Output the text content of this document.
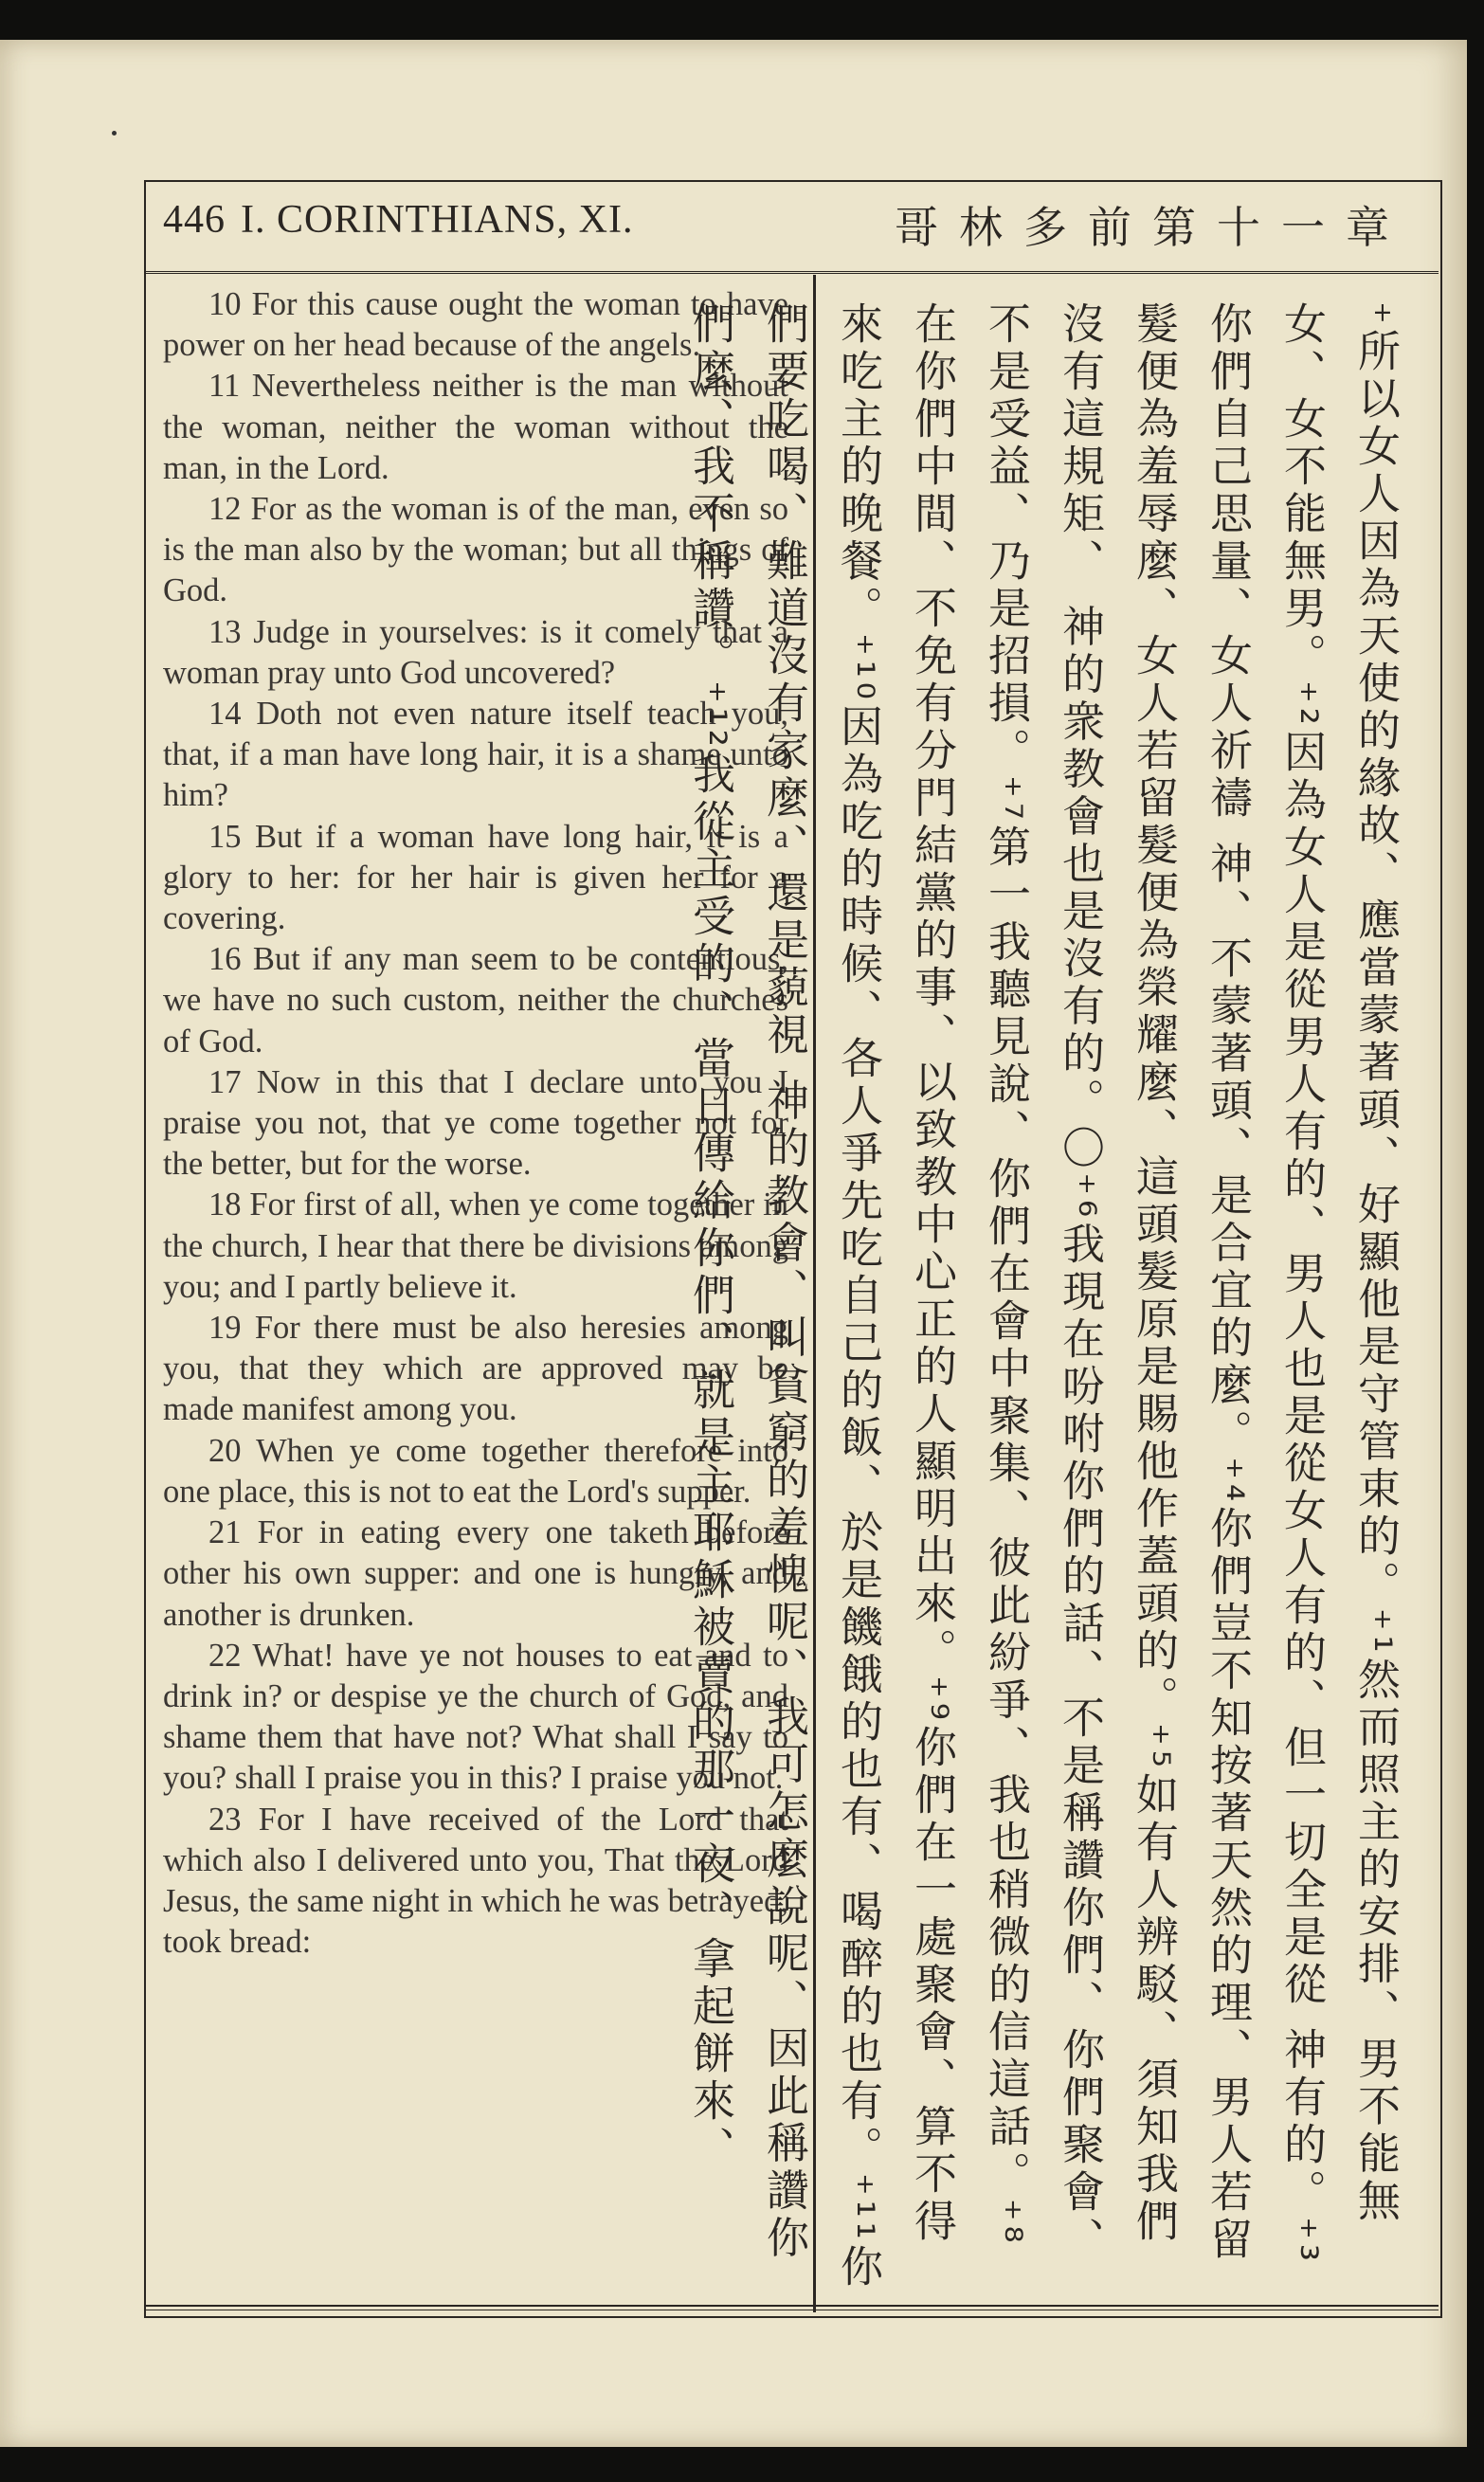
446 I. CORINTHIANS, XI.	哥林多前第十一章

10 For this cause ought the woman to have power on her head because of the angels.

11 Nevertheless neither is the man without the woman, neither the woman without the man, in the Lord.

12 For as the woman is of the man, even so is the man also by the woman; but all things of God.

13 Judge in yourselves: is it comely that a woman pray unto God uncovered?

14 Doth not even nature itself teach you, that, if a man have long hair, it is a shame unto him?

15 But if a woman have long hair, it is a glory to her: for her hair is given her for a covering.

16 But if any man seem to be contentious, we have no such custom, neither the churches of God.

17 Now in this that I declare unto you I praise you not, that ye come together not for the better, but for the worse.

18 For first of all, when ye come together in the church, I hear that there be divisions among you; and I partly believe it.

19 For there must be also heresies among you, that they which are approved may be made manifest among you.

20 When ye come together therefore into one place, this is not to eat the Lord's supper.

21 For in eating every one taketh before other his own supper: and one is hungry, and another is drunken.

22 What! have ye not houses to eat and to drink in? or despise ye the church of God, and shame them that have not? What shall I say to you? shall I praise you in this? I praise you not.

23 For I have received of the Lord that which also I delivered unto you, That the Lord Jesus, the same night in which he was betrayed, took bread:	⁺所以女人因為天使的緣故、應當蒙著頭、好顯他是守管束的。⁺¹然而照主的安排、男不能無女、女不能無男。⁺²因為女人是從男人有的、男人也是從女人有的、但一切全是從 神有的。⁺³你們自己思量、女人祈禱 神、不蒙著頭、是合宜的麼。⁺⁴你們豈不知按著天然的理、男人若留髮便為羞辱麼、女人若留髮便為榮耀麼、這頭髮原是賜他作蓋頭的。⁺⁵如有人辨駁、須知我們沒有這規矩、 神的衆教會也是沒有的。〇⁺⁶我現在吩咐你們的話、不是稱讚你們、你們聚會、不是受益、乃是招損。⁺⁷第一我聽見說、你們在會中聚集、彼此紛爭、我也稍微的信這話。⁺⁸在你們中間、不免有分門結黨的事、以致教中心正的人顯明出來。⁺⁹你們在一處聚會、算不得來吃主的晚餐。⁺¹⁰因為吃的時候、各人爭先吃自己的飯、於是饑餓的也有、喝醉的也有。⁺¹¹你們要吃喝、難道沒有家麼、還是藐視 神的教會、叫貧窮的羞愧呢、我可怎麼說呢、因此稱讚你們麼、我不稱讚。⁺¹²我從主受的、當日傳給你們、就是主耶穌被賣的那一夜、拿起餅來、
